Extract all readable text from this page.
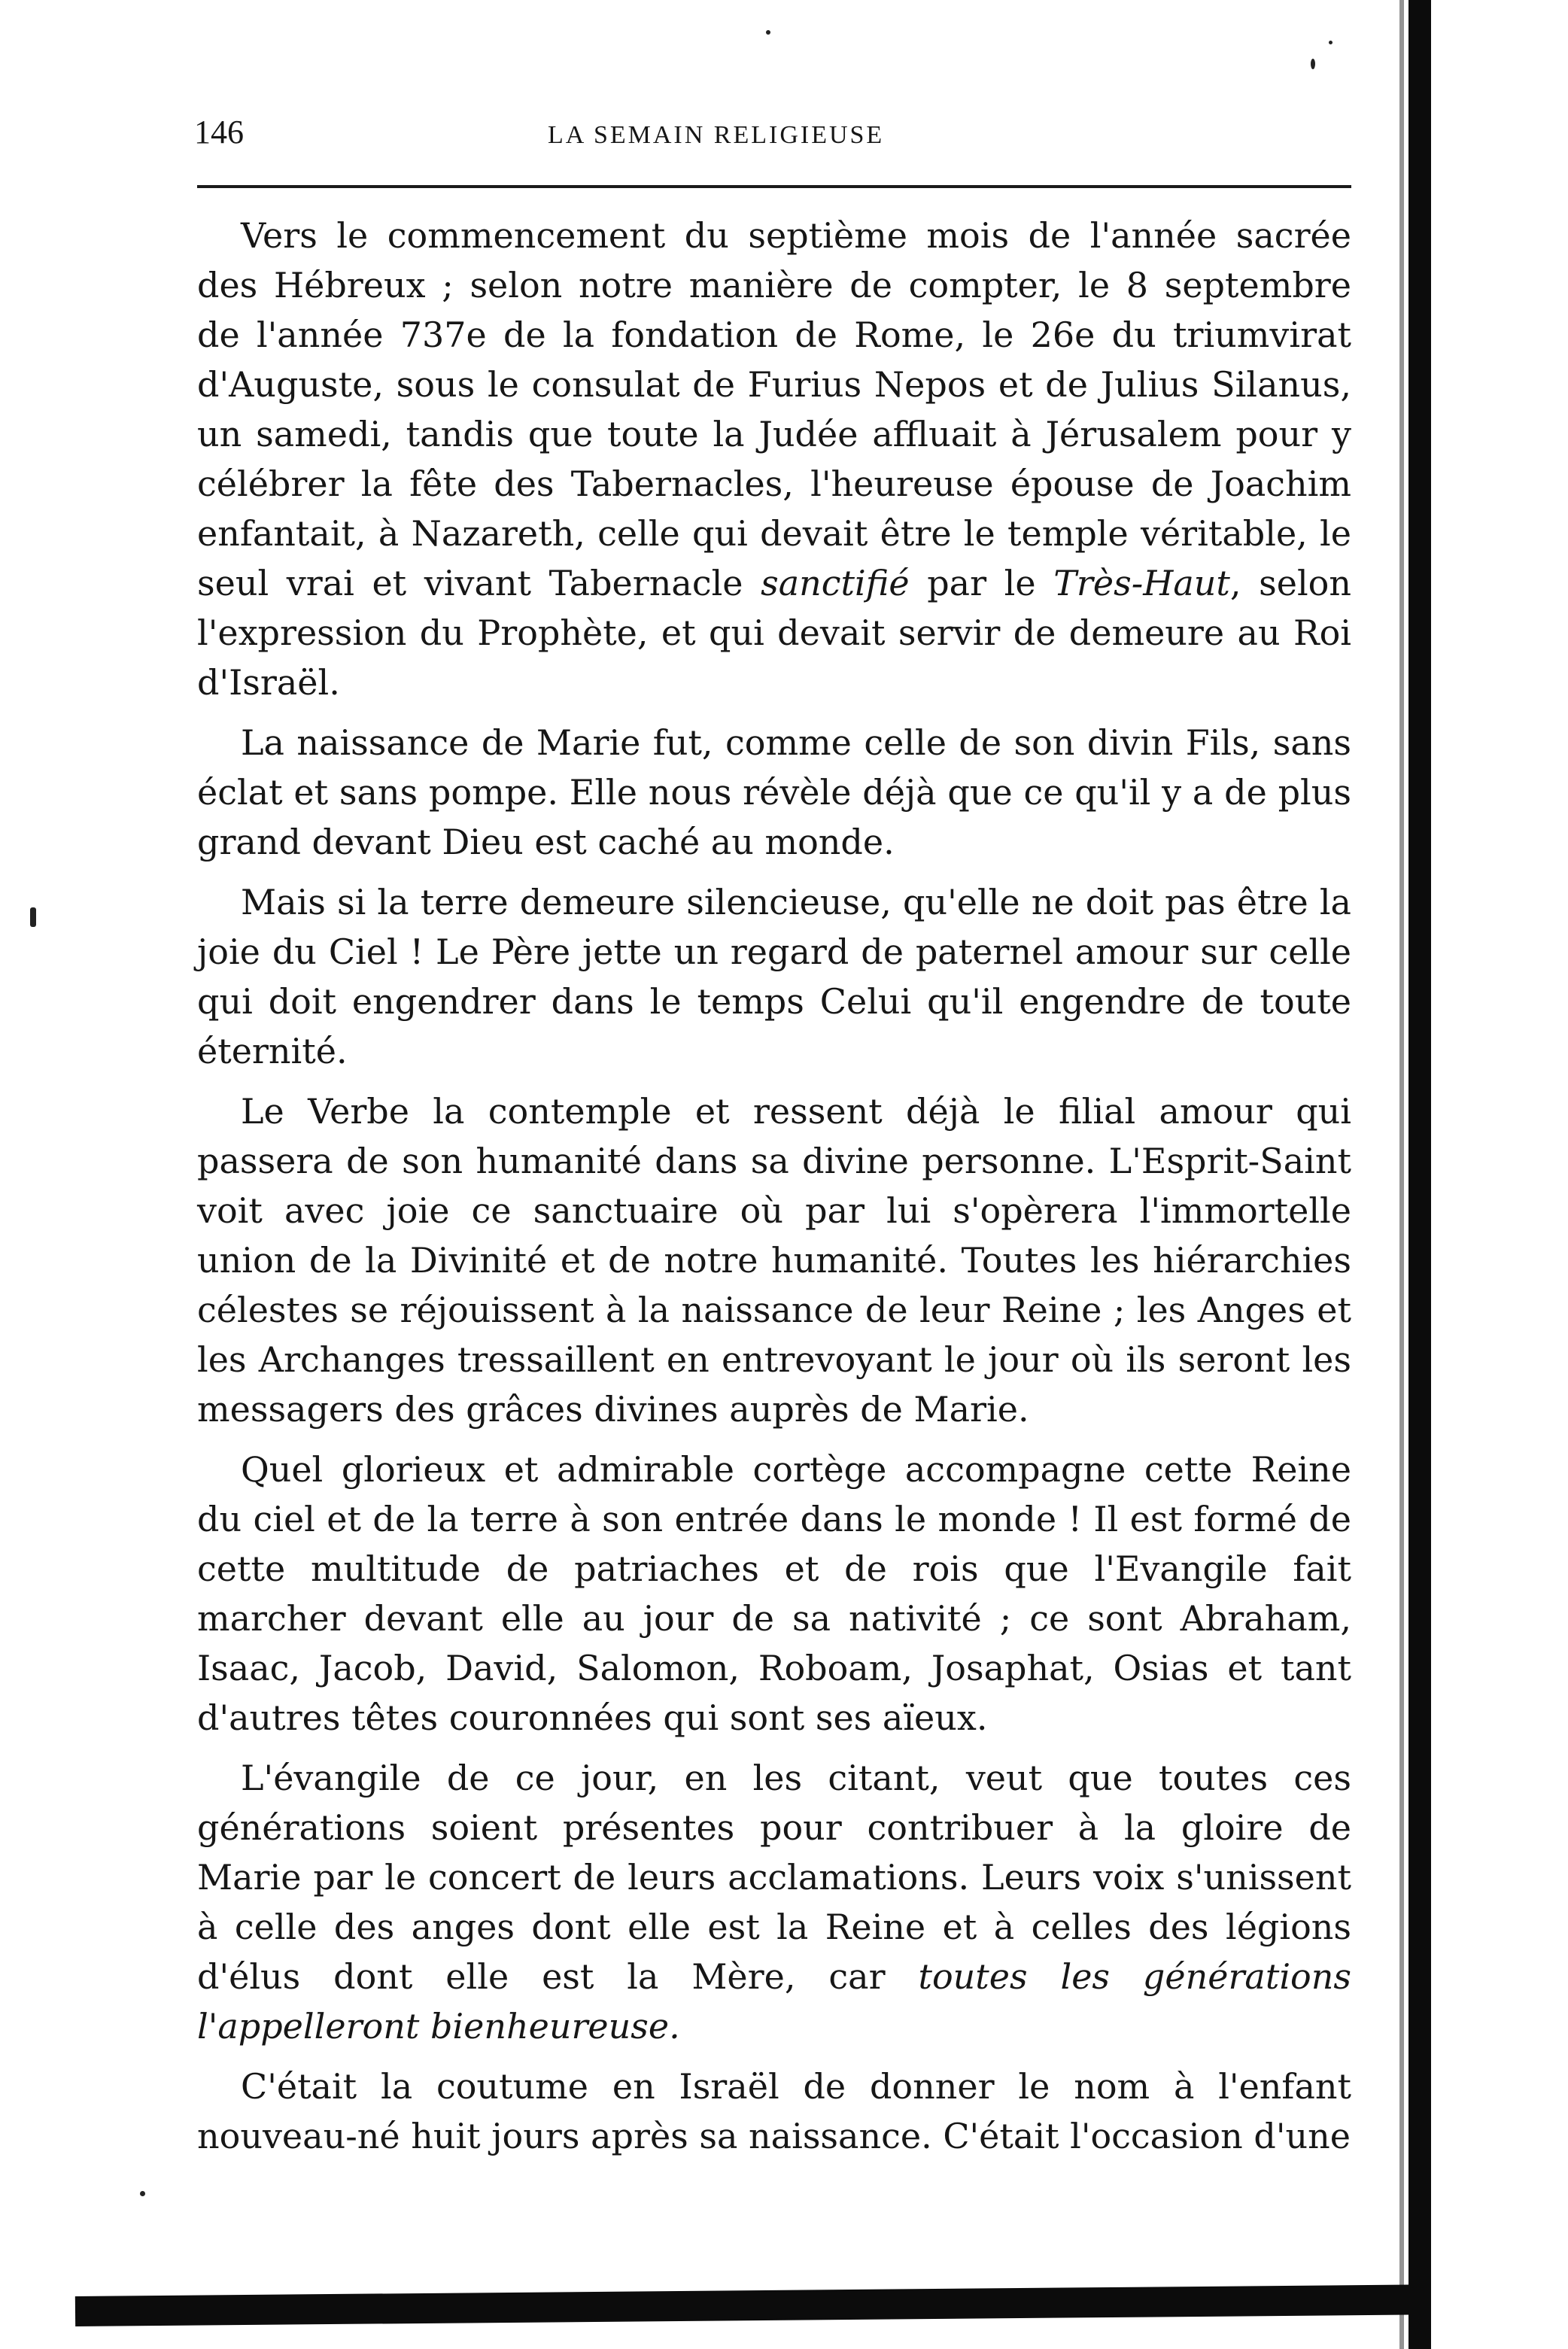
146	LA SEMAIN RELIGIEUSE

Vers le commencement du septième mois de l'année sacrée des Hébreux ; selon notre manière de compter, le 8 septembre de l'année 737e de la fondation de Rome, le 26e du triumvirat d'Auguste, sous le consulat de Furius Nepos et de Julius Silanus, un samedi, tandis que toute la Judée affluait à Jérusalem pour y célébrer la fête des Tabernacles, l'heureuse épouse de Joachim enfantait, à Nazareth, celle qui devait être le temple véritable, le seul vrai et vivant Tabernacle sanctifié par le Très-Haut, selon l'expression du Prophète, et qui devait servir de demeure au Roi d'Israël.

La naissance de Marie fut, comme celle de son divin Fils, sans éclat et sans pompe. Elle nous révèle déjà que ce qu'il y a de plus grand devant Dieu est caché au monde.

Mais si la terre demeure silencieuse, qu'elle ne doit pas être la joie du Ciel ! Le Père jette un regard de paternel amour sur celle qui doit engendrer dans le temps Celui qu'il engendre de toute éternité.

Le Verbe la contemple et ressent déjà le filial amour qui passera de son humanité dans sa divine personne. L'Esprit-Saint voit avec joie ce sanctuaire où par lui s'opèrera l'immortelle union de la Divinité et de notre humanité. Toutes les hiérarchies célestes se réjouissent à la naissance de leur Reine ; les Anges et les Archanges tressaillent en entrevoyant le jour où ils seront les messagers des grâces divines auprès de Marie.

Quel glorieux et admirable cortège accompagne cette Reine du ciel et de la terre à son entrée dans le monde ! Il est formé de cette multitude de patriaches et de rois que l'Evangile fait marcher devant elle au jour de sa nativité ; ce sont Abraham, Isaac, Jacob, David, Salomon, Roboam, Josaphat, Osias et tant d'autres têtes couronnées qui sont ses aïeux.

L'évangile de ce jour, en les citant, veut que toutes ces générations soient présentes pour contribuer à la gloire de Marie par le concert de leurs acclamations. Leurs voix s'unissent à celle des anges dont elle est la Reine et à celles des légions d'élus dont elle est la Mère, car toutes les générations l'appelleront bienheureuse.

C'était la coutume en Israël de donner le nom à l'enfant nouveau-né huit jours après sa naissance. C'était l'occasion d'une
